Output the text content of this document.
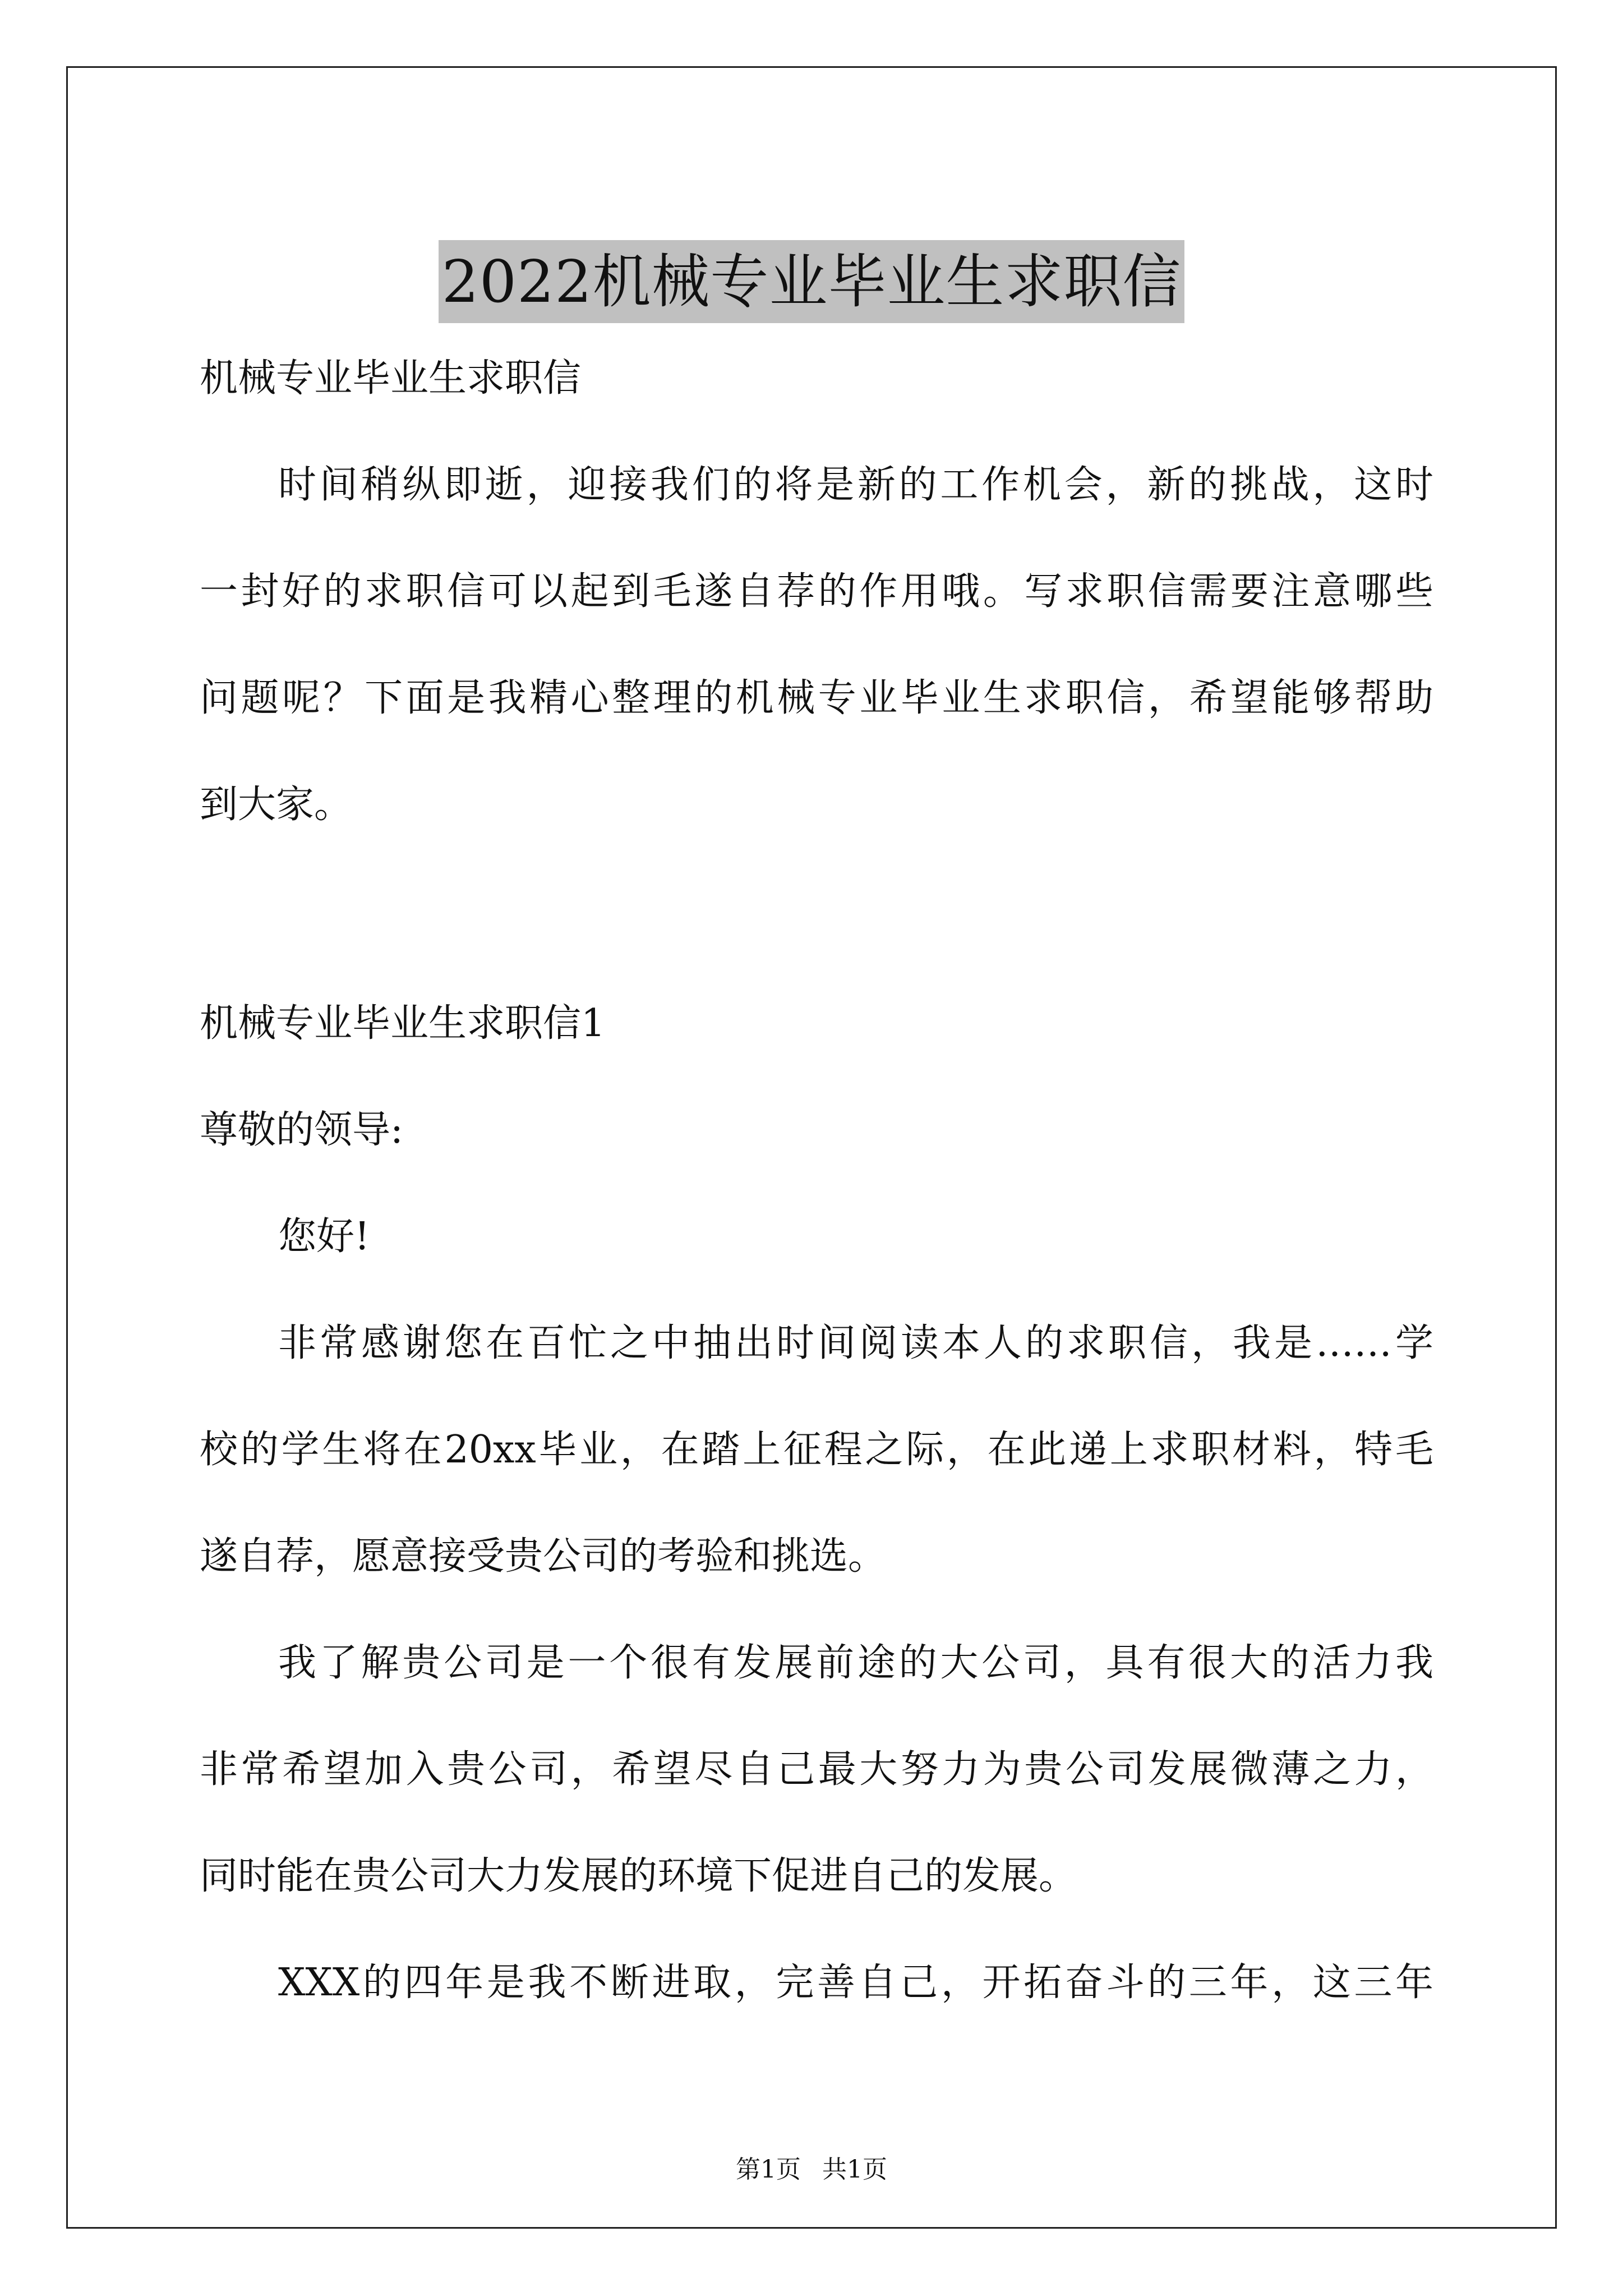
2022机械专业毕业生求职信
机械专业毕业生求职信
时间稍纵即逝，迎接我们的将是新的工作机会，新的挑战，这时
一封好的求职信可以起到毛遂自荐的作用哦。写求职信需要注意哪些
问题呢？下面是我精心整理的机械专业毕业生求职信，希望能够帮助
到大家。
机械专业毕业生求职信1
尊敬的领导:
您好!
非常感谢您在百忙之中抽出时间阅读本人的求职信，我是……学
校的学生将在20xx毕业，在踏上征程之际，在此递上求职材料，特毛
遂自荐，愿意接受贵公司的考验和挑选。
我了解贵公司是一个很有发展前途的大公司，具有很大的活力我
非常希望加入贵公司，希望尽自己最大努力为贵公司发展微薄之力，
同时能在贵公司大力发展的环境下促进自己的发展。
XXX的四年是我不断进取，完善自己，开拓奋斗的三年，这三年
第1页 共1页
